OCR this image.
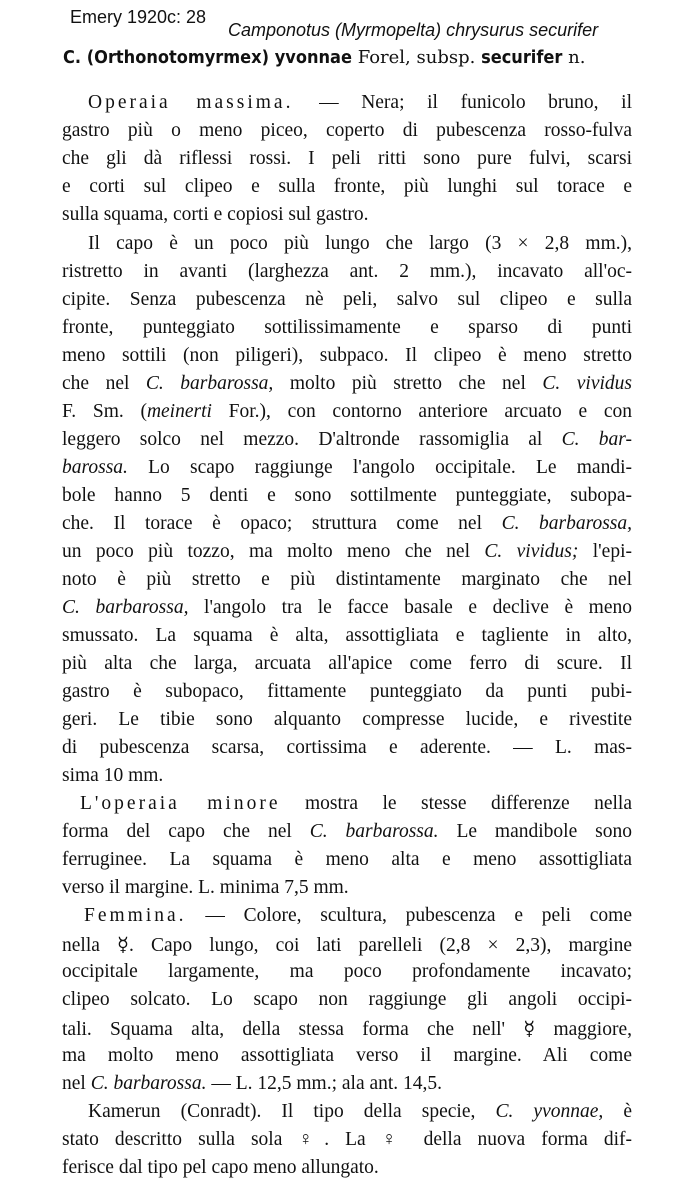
Emery 1920c: 28
Camponotus (Myrmopelta) chrysurus securifer
C. (Orthonotomyrmex) yvonnae Forel, subsp. securifer n.
Operaia massima. — Nera; il funicolo bruno, il
gastro più o meno piceo, coperto di pubescenza rosso-fulva
che gli dà riflessi rossi. I peli ritti sono pure fulvi, scarsi
e corti sul clipeo e sulla fronte, più lunghi sul torace e
sulla squama, corti e copiosi sul gastro.
Il capo è un poco più lungo che largo (3 × 2,8 mm.),
ristretto in avanti (larghezza ant. 2 mm.), incavato all'oc-
cipite. Senza pubescenza nè peli, salvo sul clipeo e sulla
fronte, punteggiato sottilissimamente e sparso di punti
meno sottili (non piligeri), subpaco. Il clipeo è meno stretto
che nel C. barbarossa, molto più stretto che nel C. vividus
F. Sm. (meinerti For.), con contorno anteriore arcuato e con
leggero solco nel mezzo. D'altronde rassomiglia al C. bar-
barossa. Lo scapo raggiunge l'angolo occipitale. Le mandi-
bole hanno 5 denti e sono sottilmente punteggiate, subopa-
che. Il torace è opaco; struttura come nel C. barbarossa,
un poco più tozzo, ma molto meno che nel C. vividus; l'epi-
noto è più stretto e più distintamente marginato che nel
C. barbarossa, l'angolo tra le facce basale e declive è meno
smussato. La squama è alta, assottigliata e tagliente in alto,
più alta che larga, arcuata all'apice come ferro di scure. Il
gastro è subopaco, fittamente punteggiato da punti pubi-
geri. Le tibie sono alquanto compresse lucide, e rivestite
di pubescenza scarsa, cortissima e aderente. — L. mas-
sima 10 mm.
L'operaia minore mostra le stesse differenze nella
forma del capo che nel C. barbarossa. Le mandibole sono
ferruginee. La squama è meno alta e meno assottigliata
verso il margine. L. minima 7,5 mm.
Femmina. — Colore, scultura, pubescenza e peli come
nella ☿. Capo lungo, coi lati parelleli (2,8 × 2,3), margine
occipitale largamente, ma poco profondamente incavato;
clipeo solcato. Lo scapo non raggiunge gli angoli occipi-
tali. Squama alta, della stessa forma che nell' ☿ maggiore,
ma molto meno assottigliata verso il margine. Ali come
nel C. barbarossa. — L. 12,5 mm.; ala ant. 14,5.
Kamerun (Conradt). Il tipo della specie, C. yvonnae, è
stato descritto sulla sola ♀. La ♀ della nuova forma dif-
ferisce dal tipo pel capo meno allungato.
